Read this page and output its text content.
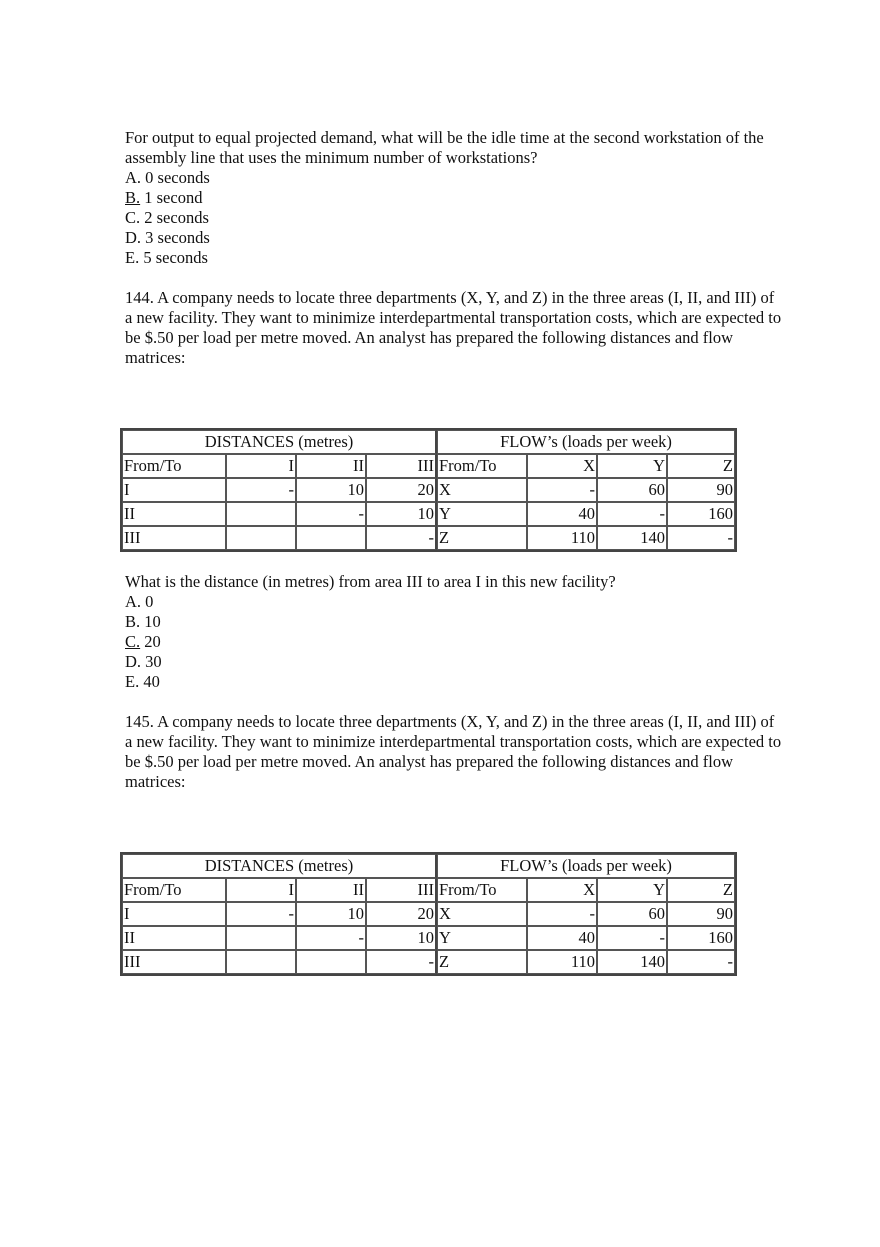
For output to equal projected demand, what will be the idle time at the second workstation of the assembly line that uses the minimum number of workstations?

A. 0 seconds

B. 1 second

C. 2 seconds

D. 3 seconds

E. 5 seconds

144. A company needs to locate three departments (X, Y, and Z) in the three areas (I, II, and III) of a new facility. They want to minimize interdepartmental transportation costs, which are expected to be $.50 per load per metre moved. An analyst has prepared the following distances and flow matrices:

DISTANCES (metres)				FLOW’s (loads per week)			
From/To	I	II	III	From/To	X	Y	Z
I	-	10	20	X	-	60	90
II		-	10	Y	40	-	160
III			-	Z	110	140	-

What is the distance (in metres) from area III to area I in this new facility?

A. 0

B. 10

C. 20

D. 30

E. 40

145. A company needs to locate three departments (X, Y, and Z) in the three areas (I, II, and III) of a new facility. They want to minimize interdepartmental transportation costs, which are expected to be $.50 per load per metre moved. An analyst has prepared the following distances and flow matrices:

DISTANCES (metres)				FLOW’s (loads per week)			
From/To	I	II	III	From/To	X	Y	Z
I	-	10	20	X	-	60	90
II		-	10	Y	40	-	160
III			-	Z	110	140	-
